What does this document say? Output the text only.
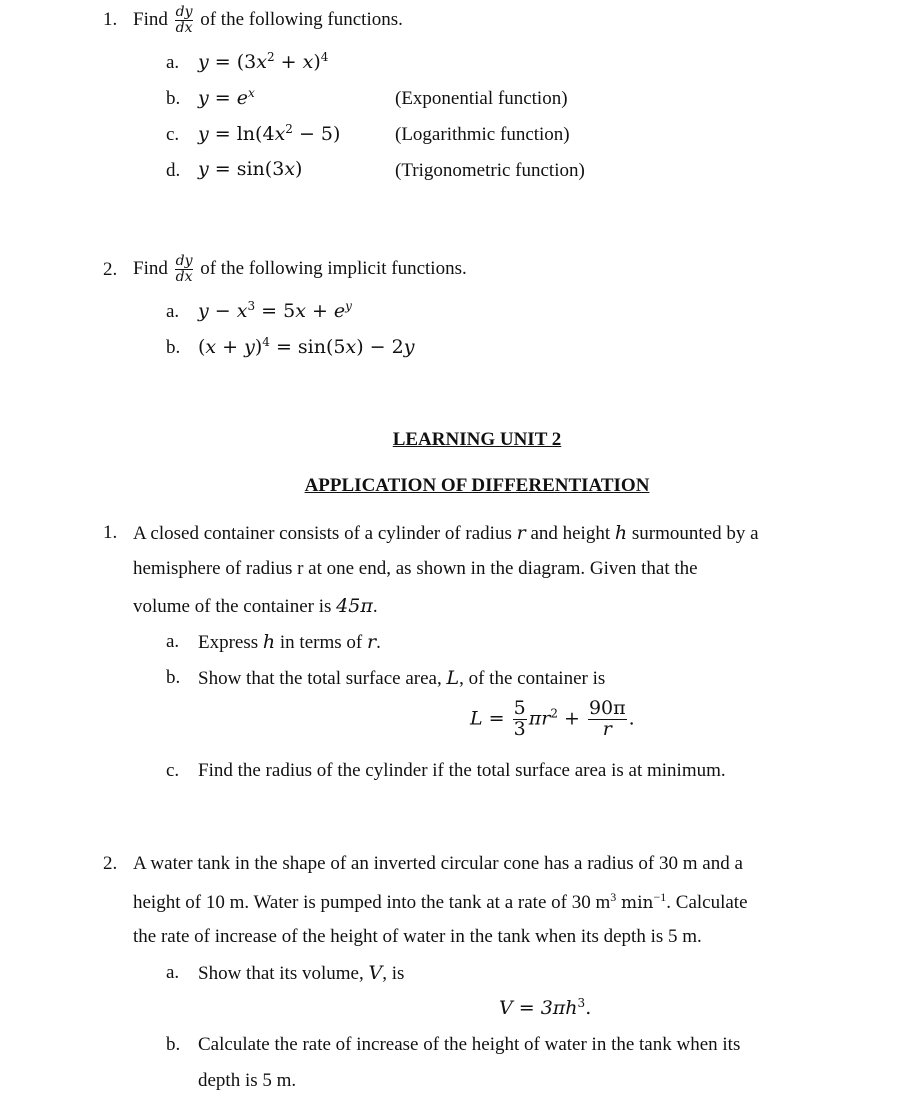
1. Find $\frac{dy}{dx}$ of the following functions.
a. $y = (3x^2 + x)^4$
b. $y = e^x$	(Exponential function)
c. $y = \ln(4x^2 - 5)$	(Logarithmic function)
d. y = sin(3x)	(Trigonometric function)
2. Find $\frac{dy}{dx}$ of the following implicit functions.
a. $y - x^3 = 5x + e^y$
b. $(x + y)^4 = \sin(5x) - 2y$
LEARNING UNIT 2
APPLICATION OF DIFFERENTIATION
1. A closed container consists of a cylinder of radius r and height h surmounted by a
hemisphere of radius r at one end, as shown in the diagram. Given that the
volume of the container is 45π.
a. Express h in terms of r.
b. Show that the total surface area, L, of the container is
$L = \frac{5}{3} \pi r^2 + \frac{90\pi}{r}$ .
c. Find the radius of the cylinder if the total surface area is at minimum.
2. A water tank in the shape of an inverted circular cone has a radius of 30 m and a
height of 10 m. Water is pumped into the tank at a rate of 30 $m^3$ $\min^{-1}$. Calculate
the rate of increase of the height of water in the tank when its depth is 5 m.
a. Show that its volume, V, is
$V = 3\pi h^3$.
b. Calculate the rate of increase of the height of water in the tank when its
depth is 5 m.
